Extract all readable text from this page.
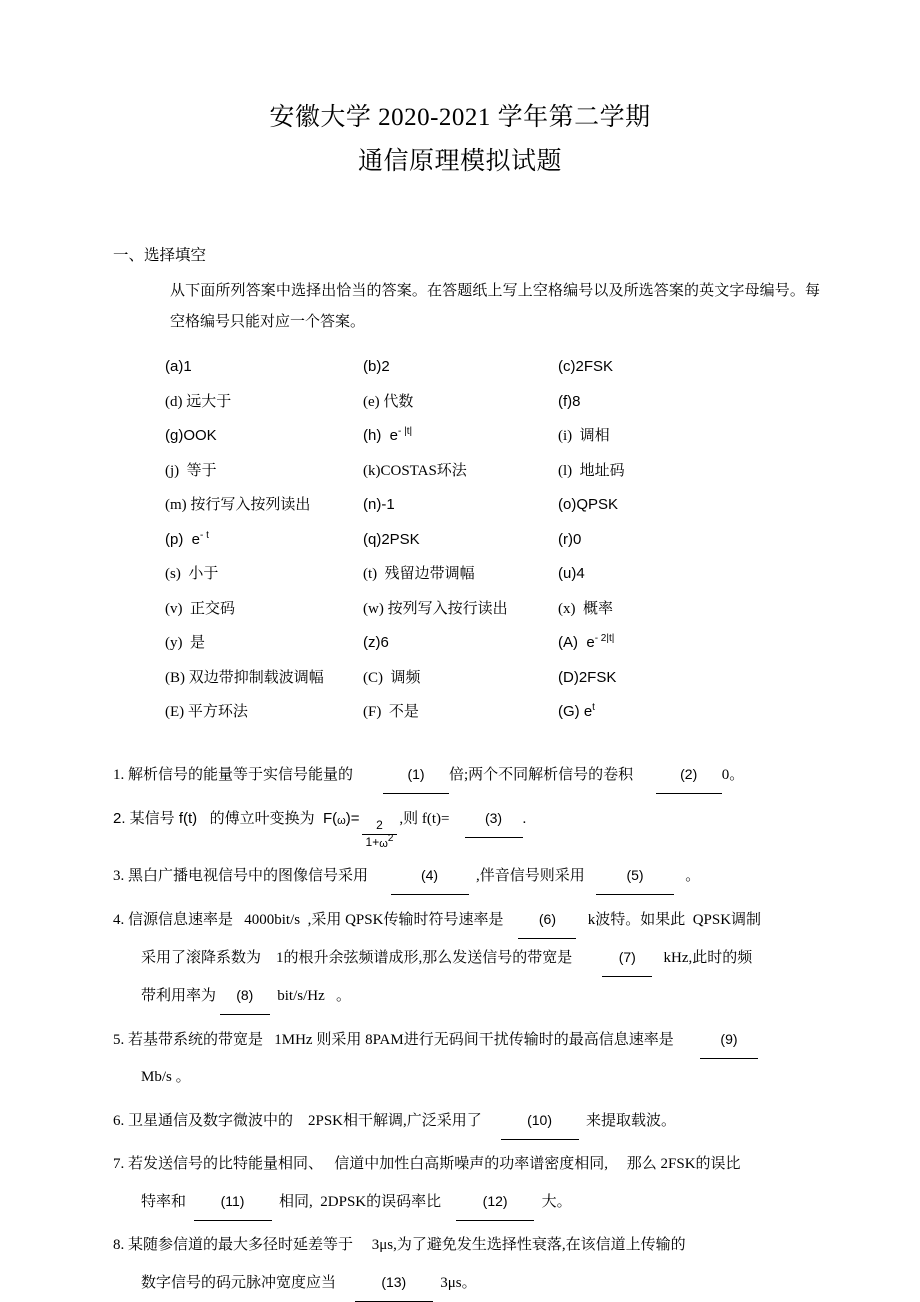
安徽大学 2020-2021 学年第二学期
通信原理模拟试题
一、选择填空
从下面所列答案中选择出恰当的答案。在答题纸上写上空格编号以及所选答案的英文字母编号。每空格编号只能对应一个答案。
(a)1	(b)2	(c)2FSK
(d) 远大于	(e) 代数	(f)8
(g)OOK	(h)  $e^{- |t|}$	(i)  调相
(j)  等于	(k)COSTAS环法	(l)  地址码
(m) 按行写入按列读出	(n)-1	(o)QPSK
(p)  $e^{- t}$	(q)2PSK	(r)0
(s)  小于	(t)  残留边带调幅	(u)4
(v)  正交码	(w) 按列写入按行读出	(x)  概率
(y)  是	(z)6	(A)  $e^{- 2|t|}$
(B) 双边带抑制载波调幅	(C)  调频	(D)2FSK
(E) 平方环法	(F)  不是	(G) $e^t$
1. 解析信号的能量等于实信号能量的        (1) 倍;两个不同解析信号的卷积      (2) 0。
2. 某信号 f(t)   的傅立叶变换为  F(ω)=
$\frac{2}{1+\omega^2}$
,则 f(t)=    (3) .
3. 黑白广播电视信号中的图像信号采用      (4)  ,伴音信号则采用   (5)   。
4. 信源信息速率是   4000bit/s  ,采用 QPSK传输时符号速率是    (6)   k波特。如果此  QPSK调制
采用了滚降系数为    1的根升余弦频谱成形,那么发送信号的带宽是        (7)   kHz,此时的频
带利用率为 (8)  bit/s/Hz   。
5. 若基带系统的带宽是   1MHz 则采用 8PAM进行无码间干扰传输时的最高信息速率是       (9)
Mb/s 。
6. 卫星通信及数字微波中的    2PSK相干解调,广泛采用了     (10)  来提取载波。
7. 若发送信号的比特能量相同、   信道中加性白高斯噪声的功率谱密度相同,     那么 2FSK的误比
特率和  (11)  相同,  2DPSK的误码率比    (12)  大。
8. 某随参信道的最大多径时延差等于     3μs,为了避免发生选择性衰落,在该信道上传输的
数字信号的码元脉冲宽度应当     (13)  3μs。
